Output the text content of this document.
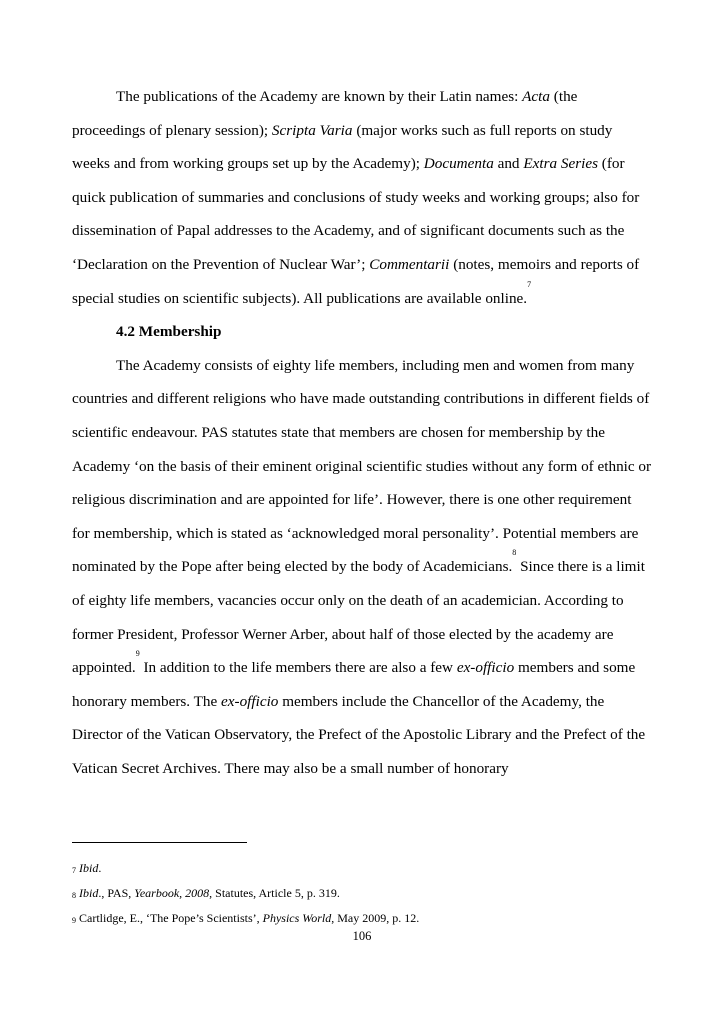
The publications of the Academy are known by their Latin names: Acta (the proceedings of plenary session); Scripta Varia (major works such as full reports on study weeks and from working groups set up by the Academy); Documenta and Extra Series (for quick publication of summaries and conclusions of study weeks and working groups; also for dissemination of Papal addresses to the Academy, and of significant documents such as the ‘Declaration on the Prevention of Nuclear War’; Commentarii (notes, memoirs and reports of special studies on scientific subjects). All publications are available online.$^7$

4.2 Membership

The Academy consists of eighty life members, including men and women from many countries and different religions who have made outstanding contributions in different fields of scientific endeavour. PAS statutes state that members are chosen for membership by the Academy ‘on the basis of their eminent original scientific studies without any form of ethnic or religious discrimination and are appointed for life’. However, there is one other requirement for membership, which is stated as ‘acknowledged moral personality’. Potential members are nominated by the Pope after being elected by the body of Academicians.$^8$ Since there is a limit of eighty life members, vacancies occur only on the death of an academician. According to former President, Professor Werner Arber, about half of those elected by the academy are appointed.$^9$ In addition to the life members there are also a few ex-officio members and some honorary members. The ex-officio members include the Chancellor of the Academy, the Director of the Vatican Observatory, the Prefect of the Apostolic Library and the Prefect of the Vatican Secret Archives. There may also be a small number of honorary

$^7$ Ibid.
$^8$ Ibid., PAS, Yearbook, 2008, Statutes, Article 5, p. 319.
$^9$ Cartlidge, E., ‘The Pope’s Scientists’, Physics World, May 2009, p. 12.
106
